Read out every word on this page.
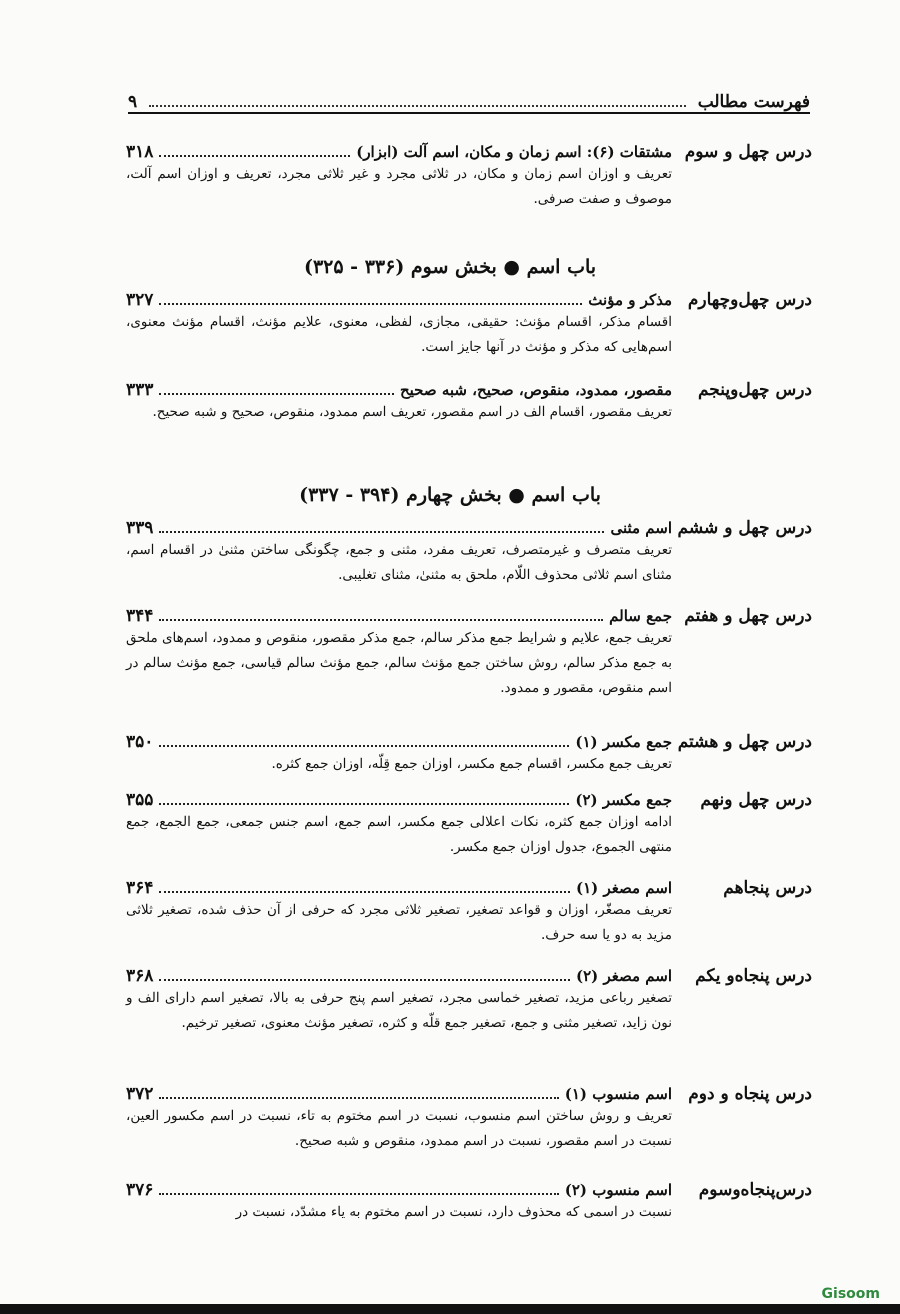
فهرست مطالب
۹
درس چهل و سوم
مشتقات (۶): اسم زمان و مکان، اسم آلت (ابزار)
۳۱۸
تعریف و اوزان اسم زمان و مکان، در ثلاثی مجرد و غیر ثلاثی مجرد، تعریف و اوزان اسم آلت، موصوف و صفت صرفی.
باب اسم ● بخش سوم (۳۳۶ - ۳۲۵)
درس چهل‌وچهارم
مذکر و مؤنث
۳۲۷
اقسام مذکر، اقسام مؤنث: حقیقی، مجازی، لفظی، معنوی، علایم مؤنث، اقسام مؤنث معنوی، اسم‌هایی که مذکر و مؤنث در آنها جایز است.
درس چهل‌وپنجم
مقصور، ممدود، منقوص، صحیح، شبه صحیح
۳۳۳
تعریف مقصور، اقسام الف در اسم مقصور، تعریف اسم ممدود، منقوص، صحیح و شبه صحیح.
باب اسم ● بخش چهارم (۳۹۴ - ۳۳۷)
درس چهل و ششم
اسم مثنی
۳۳۹
تعریف متصرف و غیرمتصرف، تعریف مفرد، مثنی و جمع، چگونگی ساختن مثنیٰ در اقسام اسم، مثنای اسم ثلاثی محذوف اللّام، ملحق به مثنیٰ، مثنای تغلیبی.
درس چهل و هفتم
جمع سالم
۳۴۴
تعریف جمع، علایم و شرایط جمع مذکر سالم، جمع مذکر مقصور، منقوص و ممدود، اسم‌های ملحق به جمع مذکر سالم، روش ساختن جمع مؤنث سالم، جمع مؤنث سالم قیاسی، جمع مؤنث سالم در اسم منقوص، مقصور و ممدود.
درس چهل و هشتم
جمع مکسر (۱)
۳۵۰
تعریف جمع مکسر، اقسام جمع مکسر، اوزان جمع قِلّه، اوزان جمع کثره.
درس چهل ونهم
جمع مکسر (۲)
۳۵۵
ادامه اوزان جمع کثره، نکات اعلالی جمع مکسر، اسم جمع، اسم جنس جمعی، جمع الجمع، جمع منتهی الجموع، جدول اوزان جمع مکسر.
درس پنجاهم
اسم مصغر (۱)
۳۶۴
تعریف مصغّر، اوزان و قواعد تصغیر، تصغیر ثلاثی مجرد که حرفی از آن حذف شده، تصغیر ثلاثی مزید به دو یا سه حرف.
درس پنجاه‌و یکم
اسم مصغر (۲)
۳۶۸
تصغیر رباعی مزید، تصغیر خماسی مجرد، تصغیر اسم پنج حرفی به بالا، تصغیر اسم دارای الف و نون زاید، تصغیر مثنی و جمع، تصغیر جمع قلّه و کثره، تصغیر مؤنث معنوی، تصغیر ترخیم.
درس پنجاه و دوم
اسم منسوب (۱)
۳۷۲
تعریف و روش ساختن اسم منسوب، نسبت در اسم مختوم به تاء، نسبت در اسم مکسور العین، نسبت در اسم مقصور، نسبت در اسم ممدود، منقوص و شبه صحیح.
درس‌پنجاه‌وسوم
اسم منسوب (۲)
۳۷۶
نسبت در اسمی که محذوف دارد، نسبت در اسم مختوم به یاء مشدّد، نسبت در
Gisoom
